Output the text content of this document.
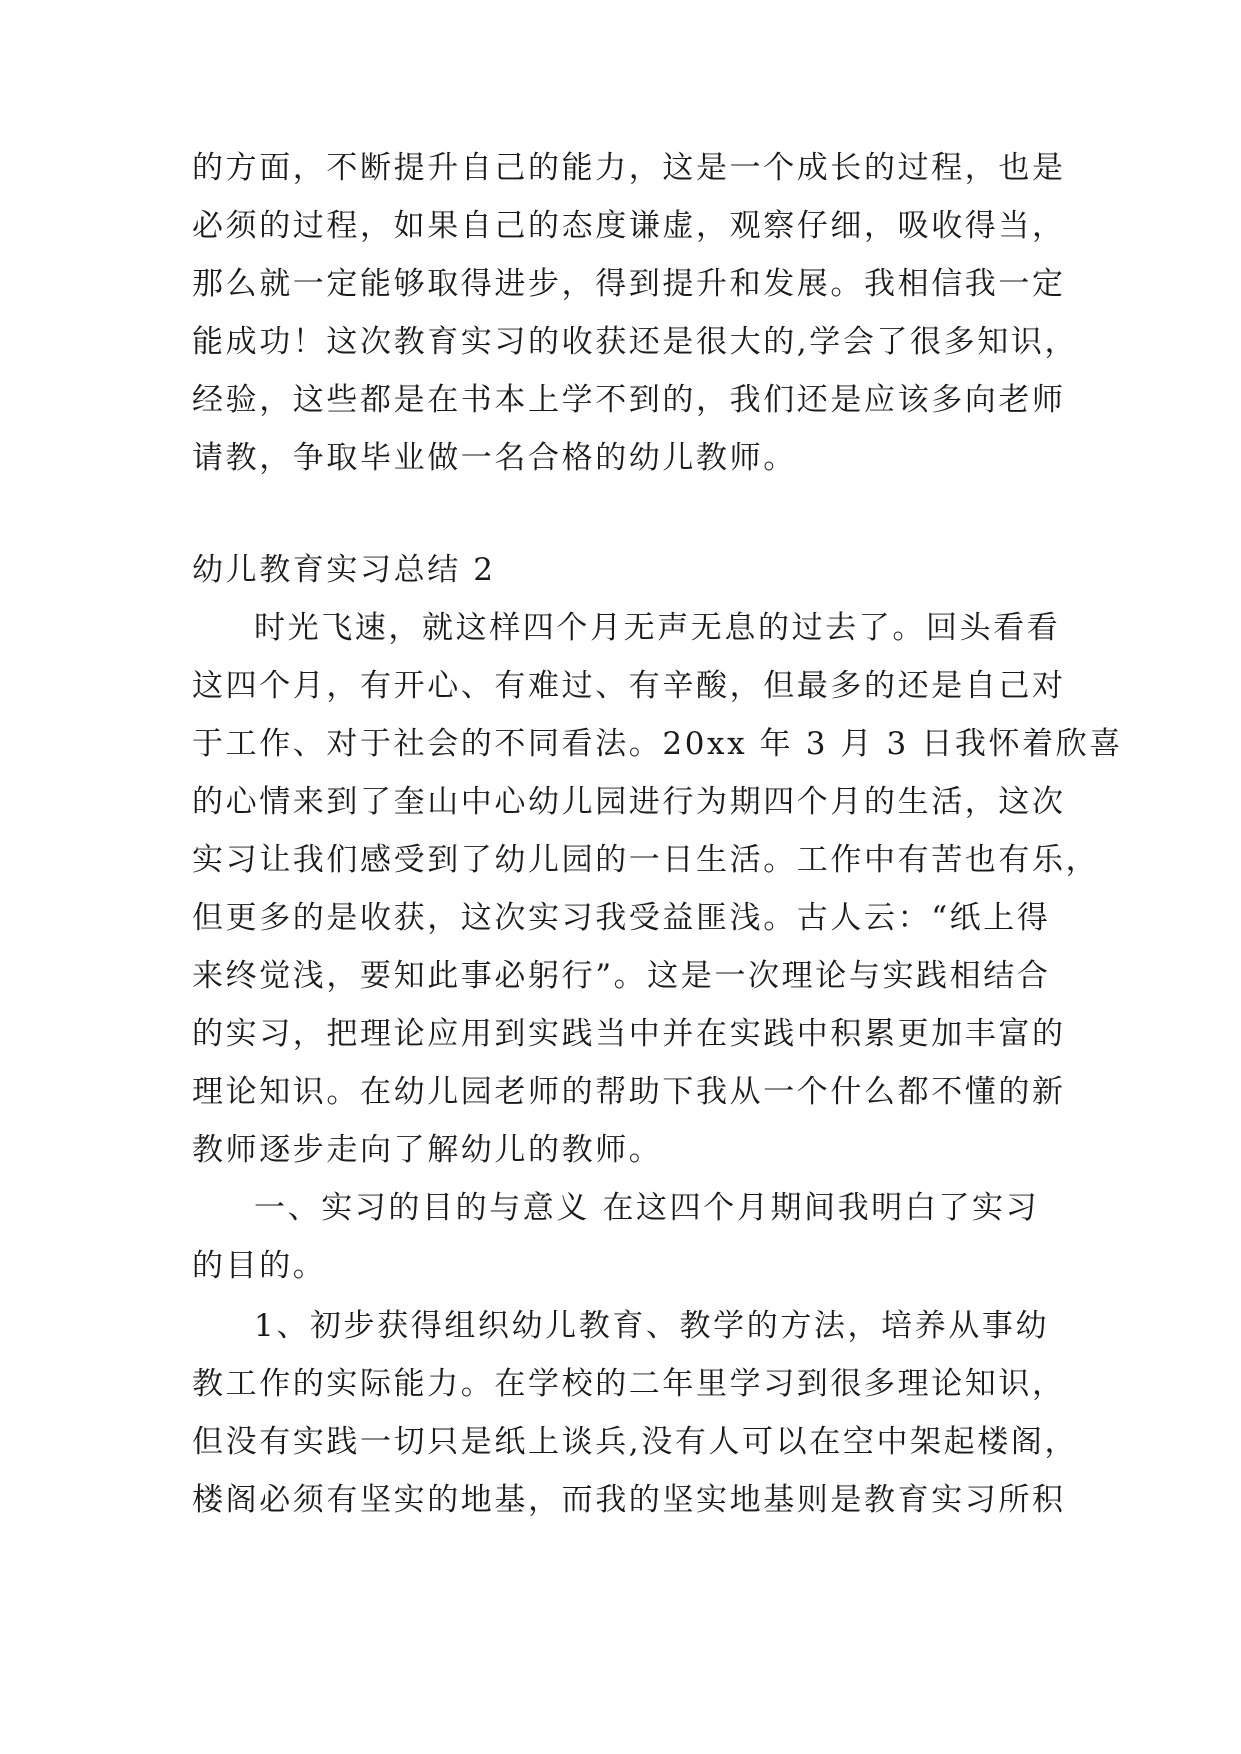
的方面，不断提升自己的能力，这是一个成长的过程，也是

必须的过程，如果自己的态度谦虚，观察仔细，吸收得当，

那么就一定能够取得进步，得到提升和发展。我相信我一定

能成功！这次教育实习的收获还是很大的,学会了很多知识，

经验，这些都是在书本上学不到的，我们还是应该多向老师

请教，争取毕业做一名合格的幼儿教师。

幼儿教育实习总结 2

时光飞速，就这样四个月无声无息的过去了。回头看看

这四个月，有开心、有难过、有辛酸，但最多的还是自己对

于工作、对于社会的不同看法。20xx 年 3 月 3 日我怀着欣喜

的心情来到了奎山中心幼儿园进行为期四个月的生活，这次

实习让我们感受到了幼儿园的一日生活。工作中有苦也有乐，

但更多的是收获，这次实习我受益匪浅。古人云：“纸上得

来终觉浅，要知此事必躬行”。这是一次理论与实践相结合

的实习，把理论应用到实践当中并在实践中积累更加丰富的

理论知识。在幼儿园老师的帮助下我从一个什么都不懂的新

教师逐步走向了解幼儿的教师。

一、实习的目的与意义 在这四个月期间我明白了实习

的目的。

1、初步获得组织幼儿教育、教学的方法，培养从事幼

教工作的实际能力。在学校的二年里学习到很多理论知识，

但没有实践一切只是纸上谈兵,没有人可以在空中架起楼阁，

楼阁必须有坚实的地基，而我的坚实地基则是教育实习所积
